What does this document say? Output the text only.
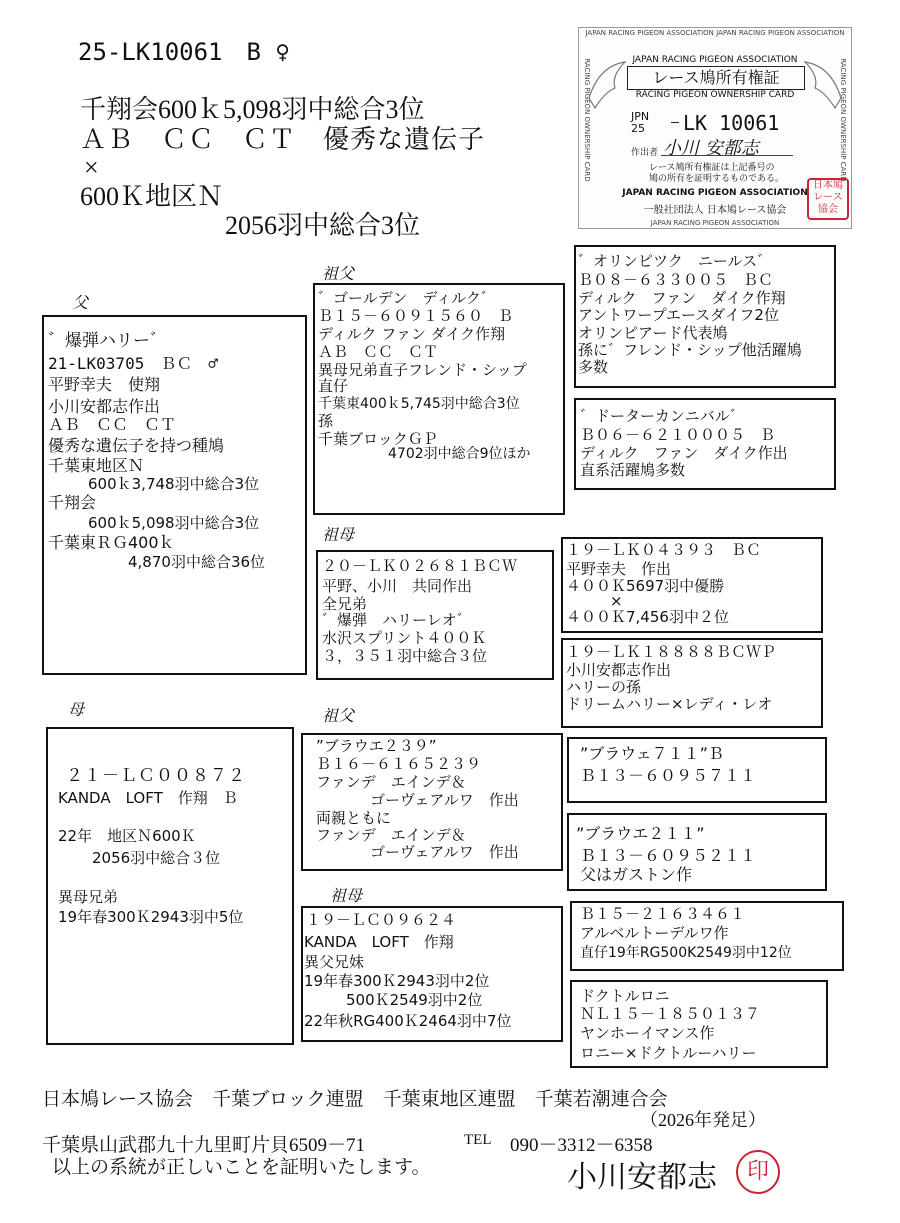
25-LK10061　B ♀
千翔会600ｋ5,098羽中総合3位
ＡＢ　ＣＣ　ＣＴ　優秀な遺伝子
×
600Ｋ地区Ｎ
2056羽中総合3位
JAPAN RACING PIGEON ASSOCIATION JAPAN RACING PIGEON ASSOCIATION
RACING PIGEON OWNERSHIP CARD	RACING PIGEON OWNERSHIP CARD
JAPAN RACING PIGEON ASSOCIATION
レース鳩所有権証
RACING PIGEON OWNERSHIP CARD
JPN
25 LK 10061
作出者 小川 安都志
レース鳩所有権証は上記番号の
鳩の所有を証明するものである。
JAPAN RACING PIGEON ASSOCIATION
一般社団法人 日本鳩レース協会
日本鳩レース協会
JAPAN RACING PIGEON ASSOCIATION
父
祖父
祖母
母	祖父
祖母
゛爆弾ハリー゛
21-LK03705　ＢＣ　♂
平野幸夫　使翔
小川安都志作出
ＡＢ　ＣＣ　ＣＴ
優秀な遺伝子を持つ種鳩
千葉東地区Ｎ
600ｋ3,748羽中総合3位
千翔会
600ｋ5,098羽中総合3位
千葉東ＲＧ400ｋ
4,870羽中総合36位
゛ゴールデン　ディルク゛
Ｂ１５－６０９１５６０　Ｂ
ディルク ファン ダイク作翔
ＡＢ　ＣＣ　ＣＴ
異母兄弟直子フレンド・シップ
直仔
千葉東400ｋ5,745羽中総合3位
孫
千葉ブロックＧＰ
4702羽中総合9位ほか
゛オリンピツク　ニールス゛
Ｂ０８－６３３００５　ＢＣ
ディルク　ファン　ダイク作翔
アントワープエースダイフ2位
オリンピアード代表鳩
孫に゛フレンド・シップ他活躍鳩
多数
゛ドーターカンニバル゛
Ｂ０６－６２１０００５　Ｂ
ディルク　ファン　ダイク作出
直系活躍鳩多数
２０－ＬＫ０２６８１ＢＣＷ
平野、小川　共同作出
全兄弟
゛爆弾　ハリーレオ゛
水沢スプリント４００Ｋ
３，３５１羽中総合３位
１９－ＬＫ０４３９３　ＢＣ
平野幸夫　作出
４００Ｋ5697羽中優勝
×
４００Ｋ7,456羽中２位
１９－ＬＫ１８８８８ＢＣＷＰ
小川安都志作出
ハリーの孫
ドリームハリー×レディ・レオ
２１－ＬＣ００８７２
KANDA　LOFT　作翔　Ｂ
22年　地区Ｎ600Ｋ
2056羽中総合３位
異母兄弟
19年春300Ｋ2943羽中5位
”ブラウエ２３９”
Ｂ１６－６１６５２３９
ファンデ　エインデ＆
ゴーヴェアルワ　作出
両親ともに
ファンデ　エインデ＆
ゴーヴェアルワ　作出
”ブラウェ７１１”Ｂ
Ｂ１３－６０９５７１１
”ブラウエ２１１”
Ｂ１３－６０９５２１１
父はガストン作
１９－ＬＣ０９６２４
KANDA　LOFT　作翔
異父兄妹
19年春300Ｋ2943羽中2位
500Ｋ2549羽中2位
22年秋RG400Ｋ2464羽中7位
Ｂ１５－２１６３４６１
アルベルトーデルワ作
直仔19年RG500K2549羽中12位
ドクトルロニ
ＮＬ１５－１８５０１３７
ヤンホーイマンス作
ロニー×ドクトルーハリー
日本鳩レース協会　千葉ブロック連盟　千葉東地区連盟　千葉若潮連合会
（2026年発足）
千葉県山武郡九十九里町片貝6509－71	TEL 090－3312－6358
以上の系統が正しいことを証明いたします。	小川安都志	印
